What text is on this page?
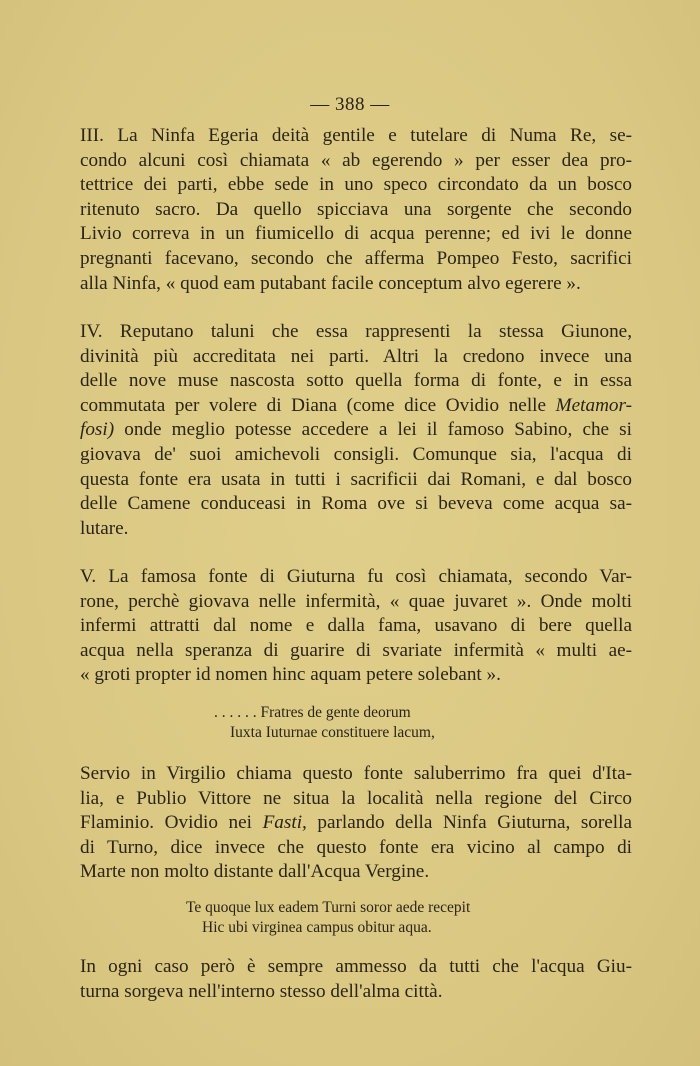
— 388 —
III. La Ninfa Egeria deità gentile e tutelare di Numa Re, se-
condo alcuni così chiamata « ab egerendo » per esser dea pro-
tettrice dei parti, ebbe sede in uno speco circondato da un bosco
ritenuto sacro. Da quello spicciava una sorgente che secondo
Livio correva in un fiumicello di acqua perenne; ed ivi le donne
pregnanti facevano, secondo che afferma Pompeo Festo, sacrifici
alla Ninfa, « quod eam putabant facile conceptum alvo egerere ».
IV. Reputano taluni che essa rappresenti la stessa Giunone,
divinità più accreditata nei parti. Altri la credono invece una
delle nove muse nascosta sotto quella forma di fonte, e in essa
commutata per volere di Diana (come dice Ovidio nelle Metamor-
fosi) onde meglio potesse accedere a lei il famoso Sabino, che si
giovava de' suoi amichevoli consigli. Comunque sia, l'acqua di
questa fonte era usata in tutti i sacrificii dai Romani, e dal bosco
delle Camene conduceasi in Roma ove si beveva come acqua sa-
lutare.
V. La famosa fonte di Giuturna fu così chiamata, secondo Var-
rone, perchè giovava nelle infermità, « quae juvaret ». Onde molti
infermi attratti dal nome e dalla fama, usavano di bere quella
acqua nella speranza di guarire di svariate infermità « multi ae-
« groti propter id nomen hinc aquam petere solebant ».
. . . . . . Fratres de gente deorum
Iuxta Iuturnae constituere lacum,
Servio in Virgilio chiama questo fonte saluberrimo fra quei d'Ita-
lia, e Publio Vittore ne situa la località nella regione del Circo
Flaminio. Ovidio nei Fasti, parlando della Ninfa Giuturna, sorella
di Turno, dice invece che questo fonte era vicino al campo di
Marte non molto distante dall'Acqua Vergine.
Te quoque lux eadem Turni soror aede recepit
Hic ubi virginea campus obitur aqua.
In ogni caso però è sempre ammesso da tutti che l'acqua Giu-
turna sorgeva nell'interno stesso dell'alma città.
